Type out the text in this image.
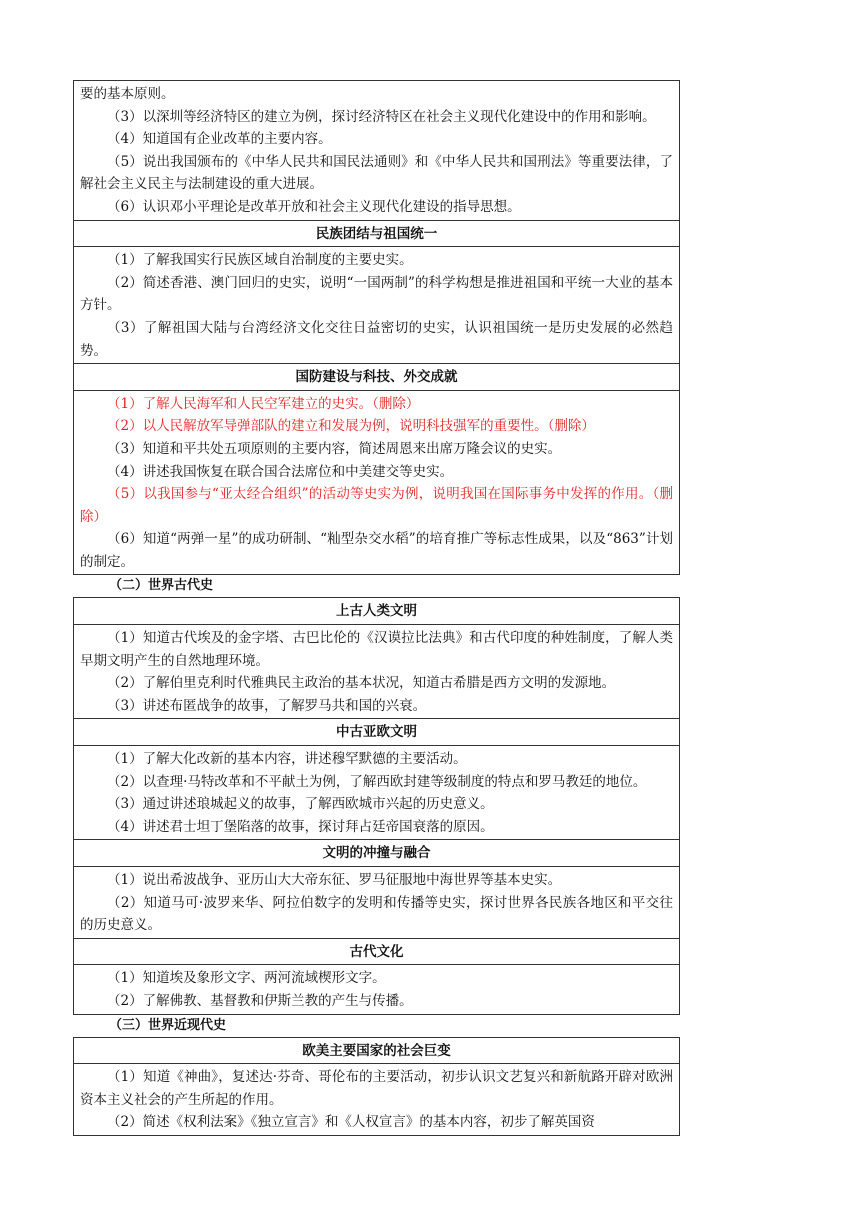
要的基本原则。

（3）以深圳等经济特区的建立为例，探讨经济特区在社会主义现代化建设中的作用和影响。

（4）知道国有企业改革的主要内容。

（5）说出我国颁布的《中华人民共和国民法通则》和《中华人民共和国刑法》等重要法律，了解社会主义民主与法制建设的重大进展。

（6）认识邓小平理论是改革开放和社会主义现代化建设的指导思想。

民族团结与祖国统一

（1）了解我国实行民族区域自治制度的主要史实。

（2）简述香港、澳门回归的史实，说明“一国两制”的科学构想是推进祖国和平统一大业的基本方针。

（3）了解祖国大陆与台湾经济文化交往日益密切的史实，认识祖国统一是历史发展的必然趋势。

国防建设与科技、外交成就

（1）了解人民海军和人民空军建立的史实。（删除）

（2）以人民解放军导弹部队的建立和发展为例，说明科技强军的重要性。（删除）

（3）知道和平共处五项原则的主要内容，简述周恩来出席万隆会议的史实。

（4）讲述我国恢复在联合国合法席位和中美建交等史实。

（5）以我国参与“亚太经合组织”的活动等史实为例，说明我国在国际事务中发挥的作用。（删除）

（6）知道“两弹一星”的成功研制、“籼型杂交水稻”的培育推广等标志性成果，以及“863”计划的制定。

（二）世界古代史

上古人类文明

（1）知道古代埃及的金字塔、古巴比伦的《汉谟拉比法典》和古代印度的种姓制度，了解人类早期文明产生的自然地理环境。

（2）了解伯里克利时代雅典民主政治的基本状况，知道古希腊是西方文明的发源地。

（3）讲述布匿战争的故事，了解罗马共和国的兴衰。

中古亚欧文明

（1）了解大化改新的基本内容，讲述穆罕默德的主要活动。

（2）以查理·马特改革和不平献土为例，了解西欧封建等级制度的特点和罗马教廷的地位。

（3）通过讲述琅城起义的故事，了解西欧城市兴起的历史意义。

（4）讲述君士坦丁堡陷落的故事，探讨拜占廷帝国衰落的原因。

文明的冲撞与融合

（1）说出希波战争、亚历山大大帝东征、罗马征服地中海世界等基本史实。

（2）知道马可·波罗来华、阿拉伯数字的发明和传播等史实，探讨世界各民族各地区和平交往的历史意义。

古代文化

（1）知道埃及象形文字、两河流域楔形文字。

（2）了解佛教、基督教和伊斯兰教的产生与传播。

（三）世界近现代史

欧美主要国家的社会巨变

（1）知道《神曲》，复述达·芬奇、哥伦布的主要活动，初步认识文艺复兴和新航路开辟对欧洲资本主义社会的产生所起的作用。

（2）简述《权利法案》《独立宣言》和《人权宣言》的基本内容，初步了解英国资
